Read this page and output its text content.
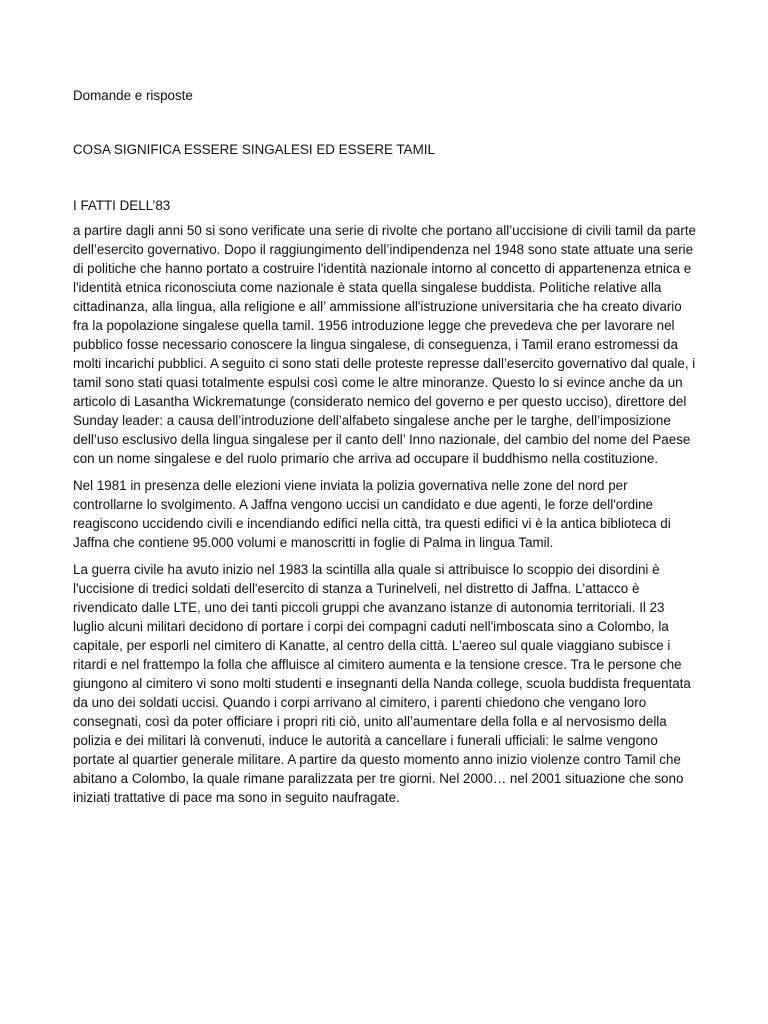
Domande e risposte

COSA SIGNIFICA ESSERE SINGALESI ED ESSERE TAMIL

I FATTI DELL’83

a partire dagli anni 50 si sono verificate una serie di rivolte che portano all’uccisione di civili tamil da parte dell’esercito governativo. Dopo il raggiungimento dell’indipendenza nel 1948 sono state attuate una serie di politiche che hanno portato a costruire l'identità nazionale intorno al concetto di appartenenza etnica e l'identità etnica riconosciuta come nazionale è stata quella singalese buddista. Politiche relative alla cittadinanza, alla lingua, alla religione e all’ ammissione all'istruzione universitaria che ha creato divario fra la popolazione singalese quella tamil. 1956 introduzione legge che prevedeva che per lavorare nel pubblico fosse necessario conoscere la lingua singalese, di conseguenza, i Tamil erano estromessi da molti incarichi pubblici. A seguito ci sono stati delle proteste represse dall’esercito governativo dal quale, i tamil sono stati quasi totalmente espulsi così come le altre minoranze. Questo lo si evince anche da un articolo di Lasantha Wickrematunge (considerato nemico del governo e per questo ucciso), direttore del Sunday leader: a causa dell’introduzione dell’alfabeto singalese anche per le targhe, dell’imposizione dell’uso esclusivo della lingua singalese per il canto dell’ Inno nazionale, del cambio del nome del Paese con un nome singalese e del ruolo primario che arriva ad occupare il buddhismo nella costituzione.

Nel 1981 in presenza delle elezioni viene inviata la polizia governativa nelle zone del nord per controllarne lo svolgimento. A Jaffna vengono uccisi un candidato e due agenti, le forze dell'ordine reagiscono uccidendo civili e incendiando edifici nella città, tra questi edifici vi è la antica biblioteca di Jaffna che contiene 95.000 volumi e manoscritti in foglie di Palma in lingua Tamil.

La guerra civile ha avuto inizio nel 1983 la scintilla alla quale si attribuisce lo scoppio dei disordini è l'uccisione di tredici soldati dell'esercito di stanza a Turinelveli, nel distretto di Jaffna. L'attacco è rivendicato dalle LTE, uno dei tanti piccoli gruppi che avanzano istanze di autonomia territoriali. Il 23 luglio alcuni militari decidono di portare i corpi dei compagni caduti nell'imboscata sino a Colombo, la capitale, per esporli nel cimitero di Kanatte, al centro della città. L'aereo sul quale viaggiano subisce i ritardi e nel frattempo la folla che affluisce al cimitero aumenta e la tensione cresce. Tra le persone che giungono al cimitero vi sono molti studenti e insegnanti della Nanda college, scuola buddista frequentata da uno dei soldati uccisi. Quando i corpi arrivano al cimitero, i parenti chiedono che vengano loro consegnati, così da poter officiare i propri riti ciò, unito all’aumentare della folla e al nervosismo della polizia e dei militari là convenuti, induce le autorità a cancellare i funerali ufficiali: le salme vengono portate al quartier generale militare. A partire da questo momento anno inizio violenze contro Tamil che abitano a Colombo, la quale rimane paralizzata per tre giorni. Nel 2000… nel 2001 situazione che sono iniziati trattative di pace ma sono in seguito naufragate.
